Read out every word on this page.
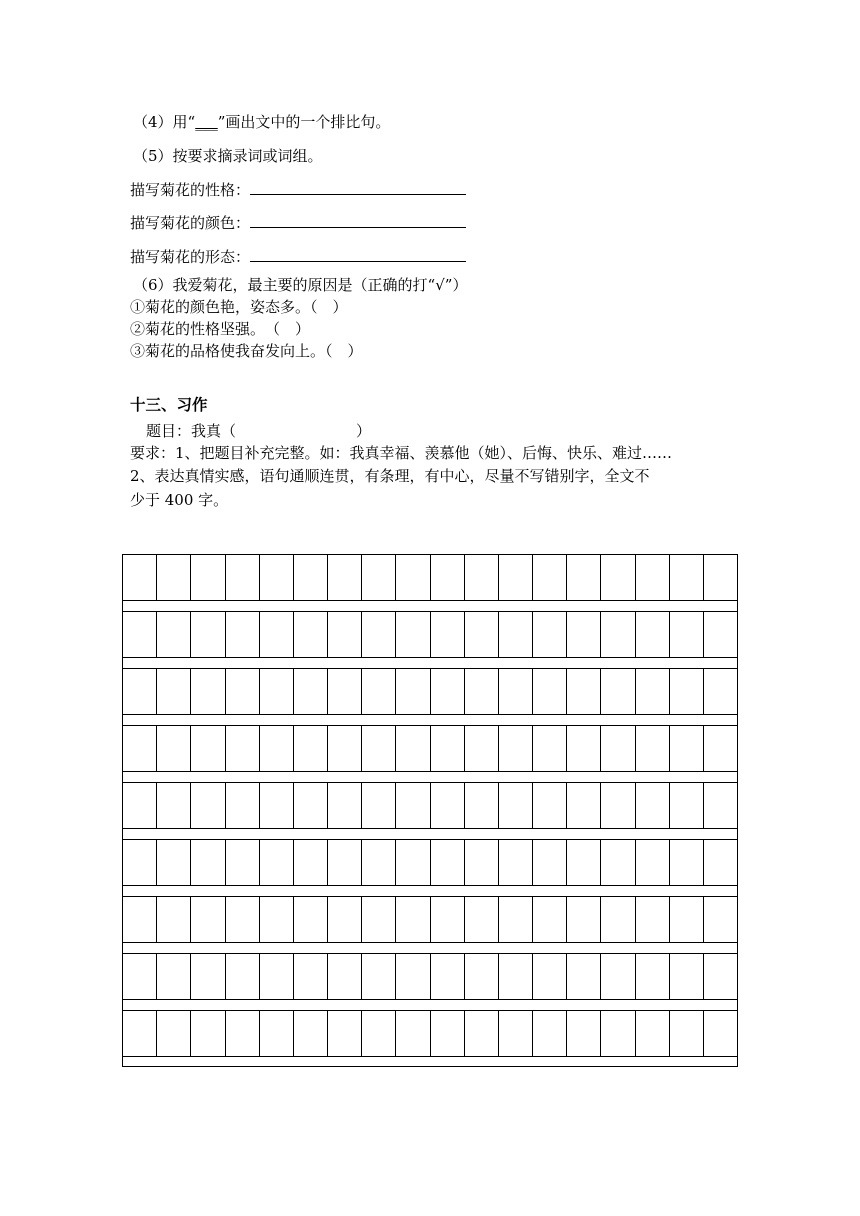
（4）用“___”画出文中的一个排比句。
（5）按要求摘录词或词组。
描写菊花的性格：
描写菊花的颜色：
描写菊花的形态：
（6）我爱菊花，最主要的原因是（正确的打“√”）
①菊花的颜色艳，姿态多。（　）
②菊花的性格坚强。　（　）
③菊花的品格使我奋发向上。（　）
十三、习作
题目：我真（　　　　　　　　）
要求：1、把题目补充完整。如：我真幸福、羡慕他（她）、后悔、快乐、难过……
2、表达真情实感，语句通顺连贯，有条理，有中心，尽量不写错别字，全文不
少于 400 字。
